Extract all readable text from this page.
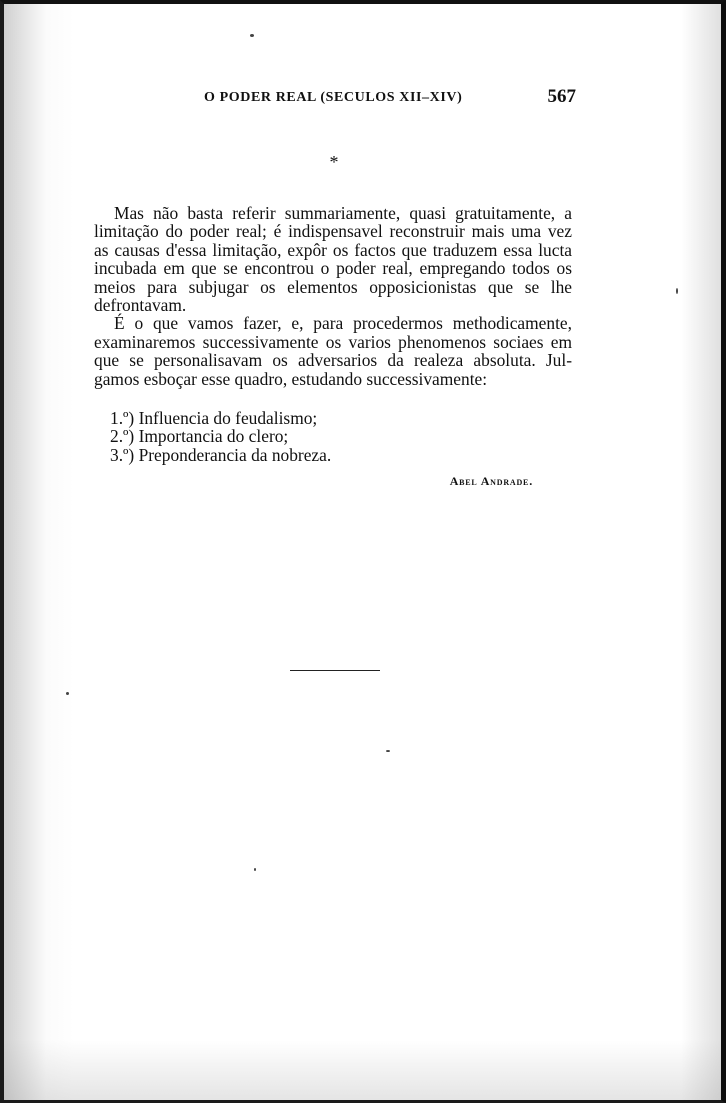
O PODER REAL (SECULOS XII–XIV)	567
*
Mas não basta referir summariamente, quasi gratuitamente, a
limitação do poder real; é indispensavel reconstruir mais uma vez
as causas d'essa limitação, expôr os factos que traduzem essa lucta
incubada em que se encontrou o poder real, empregando todos os
meios para subjugar os elementos opposicionistas que se lhe
defrontavam.
É o que vamos fazer, e, para procedermos methodicamente,
examinaremos successivamente os varios phenomenos sociaes em
que se personalisavam os adversarios da realeza absoluta. Jul-
gamos esboçar esse quadro, estudando successivamente:
1.º) Influencia do feudalismo;
2.º) Importancia do clero;
3.º) Preponderancia da nobreza.
Abel Andrade.
